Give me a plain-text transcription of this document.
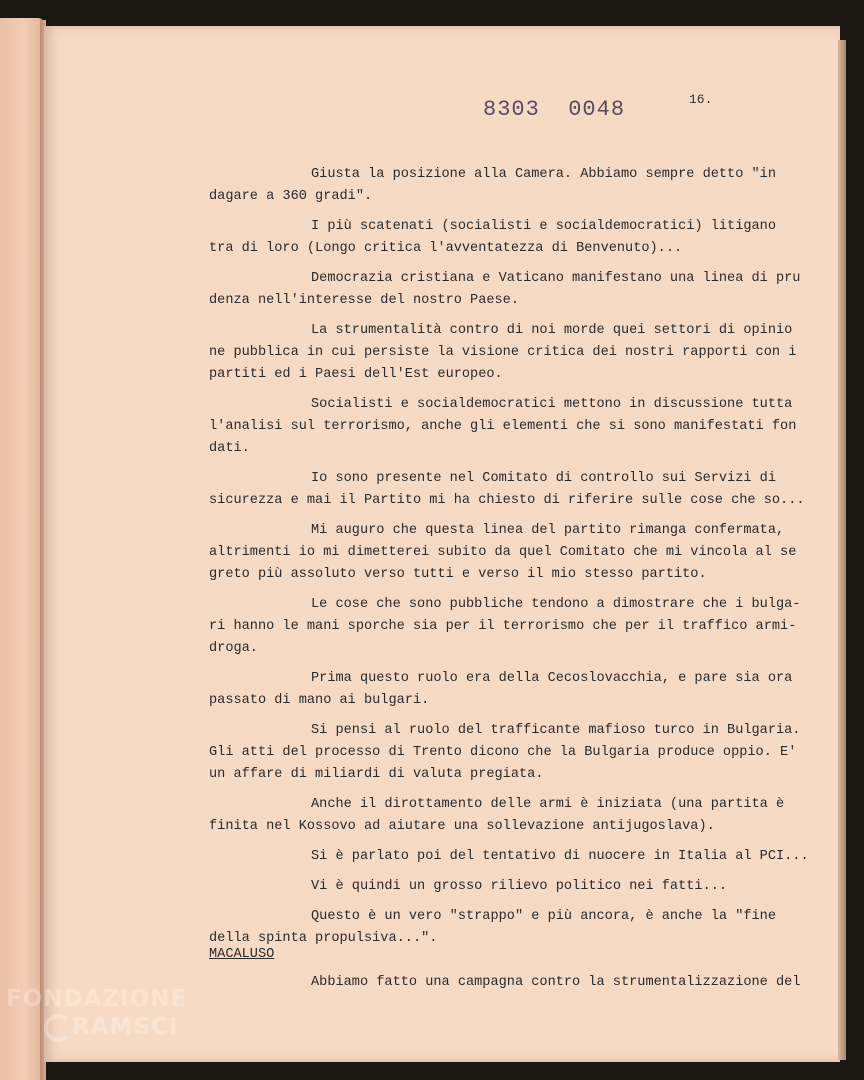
8303  0048	16.

Giusta la posizione alla Camera. Abbiamo sempre detto "in
dagare a 360 gradi".

I più scatenati (socialisti e socialdemocratici) litigano
tra di loro (Longo critica l'avventatezza di Benvenuto)...

Democrazia cristiana e Vaticano manifestano una linea di pru
denza nell'interesse del nostro Paese.

La strumentalità contro di noi morde quei settori di opinio
ne pubblica in cui persiste la visione critica dei nostri rapporti con i
partiti ed i Paesi dell'Est europeo.

Socialisti e socialdemocratici mettono in discussione tutta
l'analisi sul terrorismo, anche gli elementi che si sono manifestati fon
dati.

Io sono presente nel Comitato di controllo sui Servizi di
sicurezza e mai il Partito mi ha chiesto di riferire sulle cose che so...

Mi auguro che questa linea del partito rimanga confermata,
altrimenti io mi dimetterei subito da quel Comitato che mi vincola al se
greto più assoluto verso tutti e verso il mio stesso partito.

Le cose che sono pubbliche tendono a dimostrare che i bulga-
ri hanno le mani sporche sia per il terrorismo che per il traffico armi-
droga.

Prima questo ruolo era della Cecoslovacchia, e pare sia ora
passato di mano ai bulgari.

Si pensi al ruolo del trafficante mafioso turco in Bulgaria.
Gli atti del processo di Trento dicono che la Bulgaria produce oppio. E'
un affare di miliardi di valuta pregiata.

Anche il dirottamento delle armi è iniziata (una partita è
finita nel Kossovo ad aiutare una sollevazione antijugoslava).

Si è parlato poi del tentativo di nuocere in Italia al PCI...

Vi è quindi un grosso rilievo politico nei fatti...

Questo è un vero "strappo" e più ancora, è anche la "fine
della spinta propulsiva...".

MACALUSO
Abbiamo fatto una campagna contro la strumentalizzazione del
FONDAZIONE
RAMSCI
